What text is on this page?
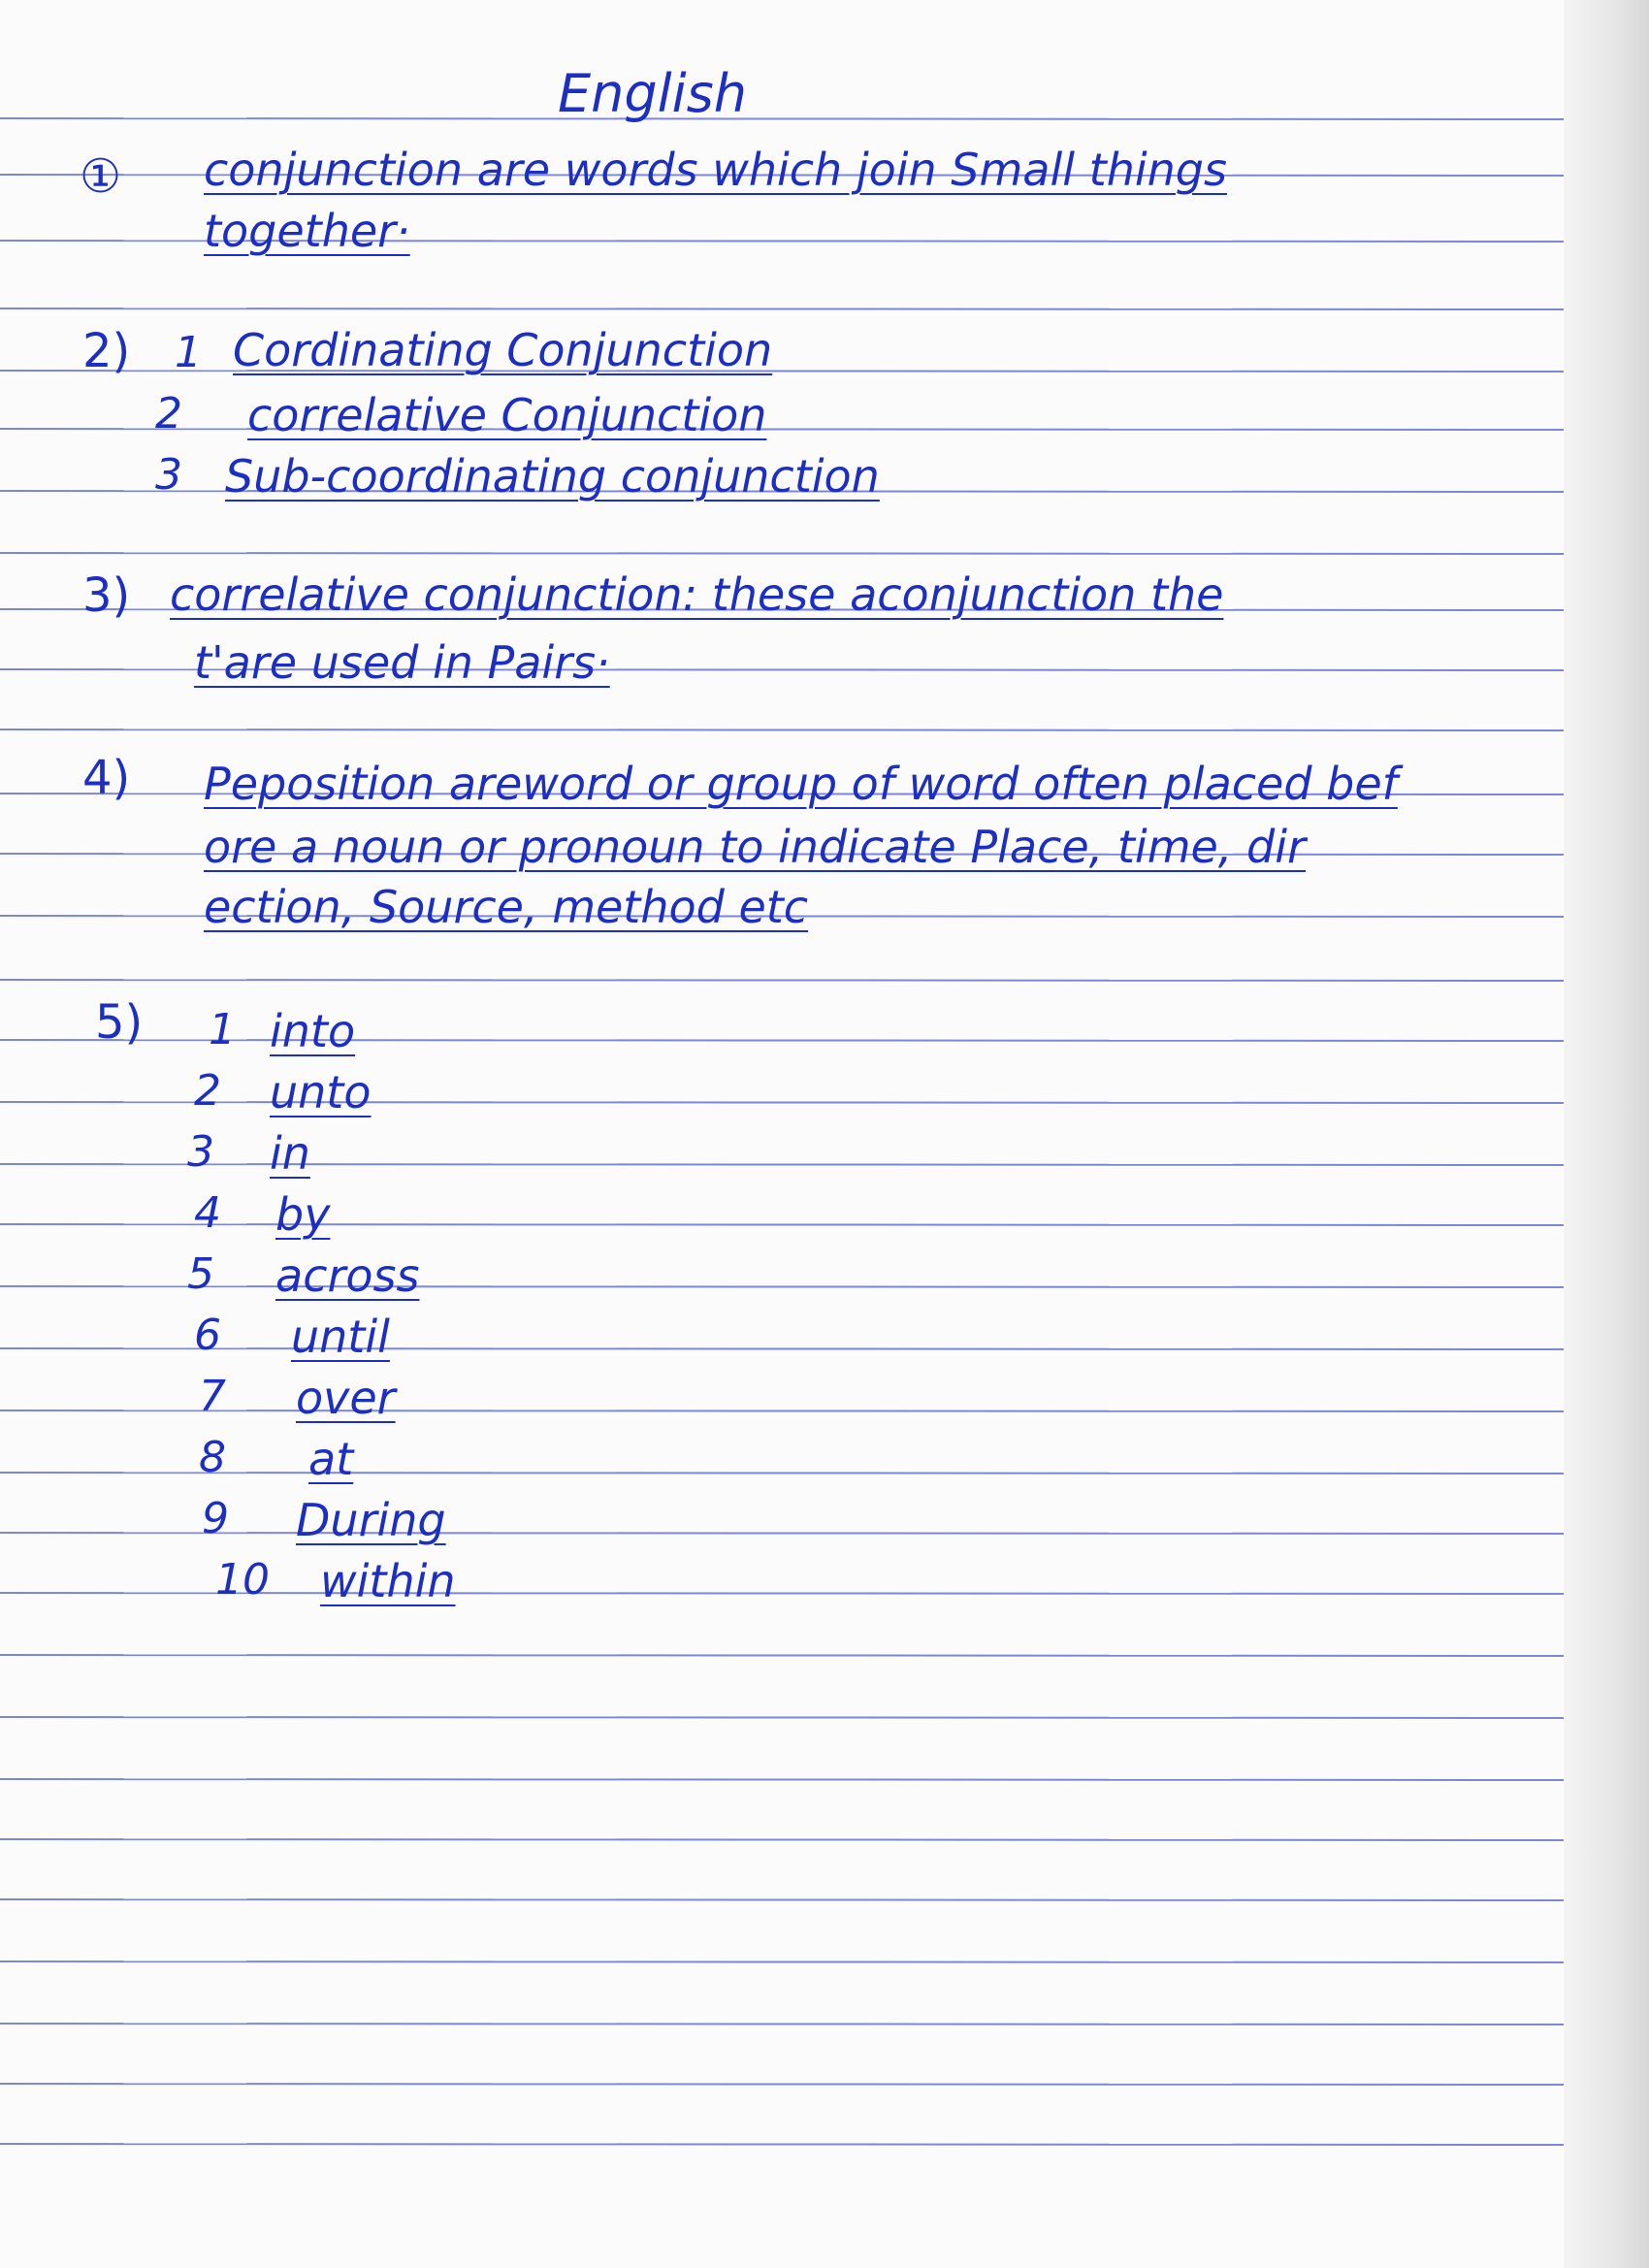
English

① conjunction are words which join Small things

together·

2) 1 Cordinating Conjunction

2 correlative Conjunction

3 Sub-coordinating conjunction

3) correlative conjunction: these aconjunction the

t'are used in Pairs·

4) Peposition areword or group of word often placed bef

ore a noun or pronoun to indicate Place, time, dir

ection, Source, method etc

5) 1 into

2 unto

3 in

4 by

5 across

6 until

7 over

8 at

9 During

10 within
